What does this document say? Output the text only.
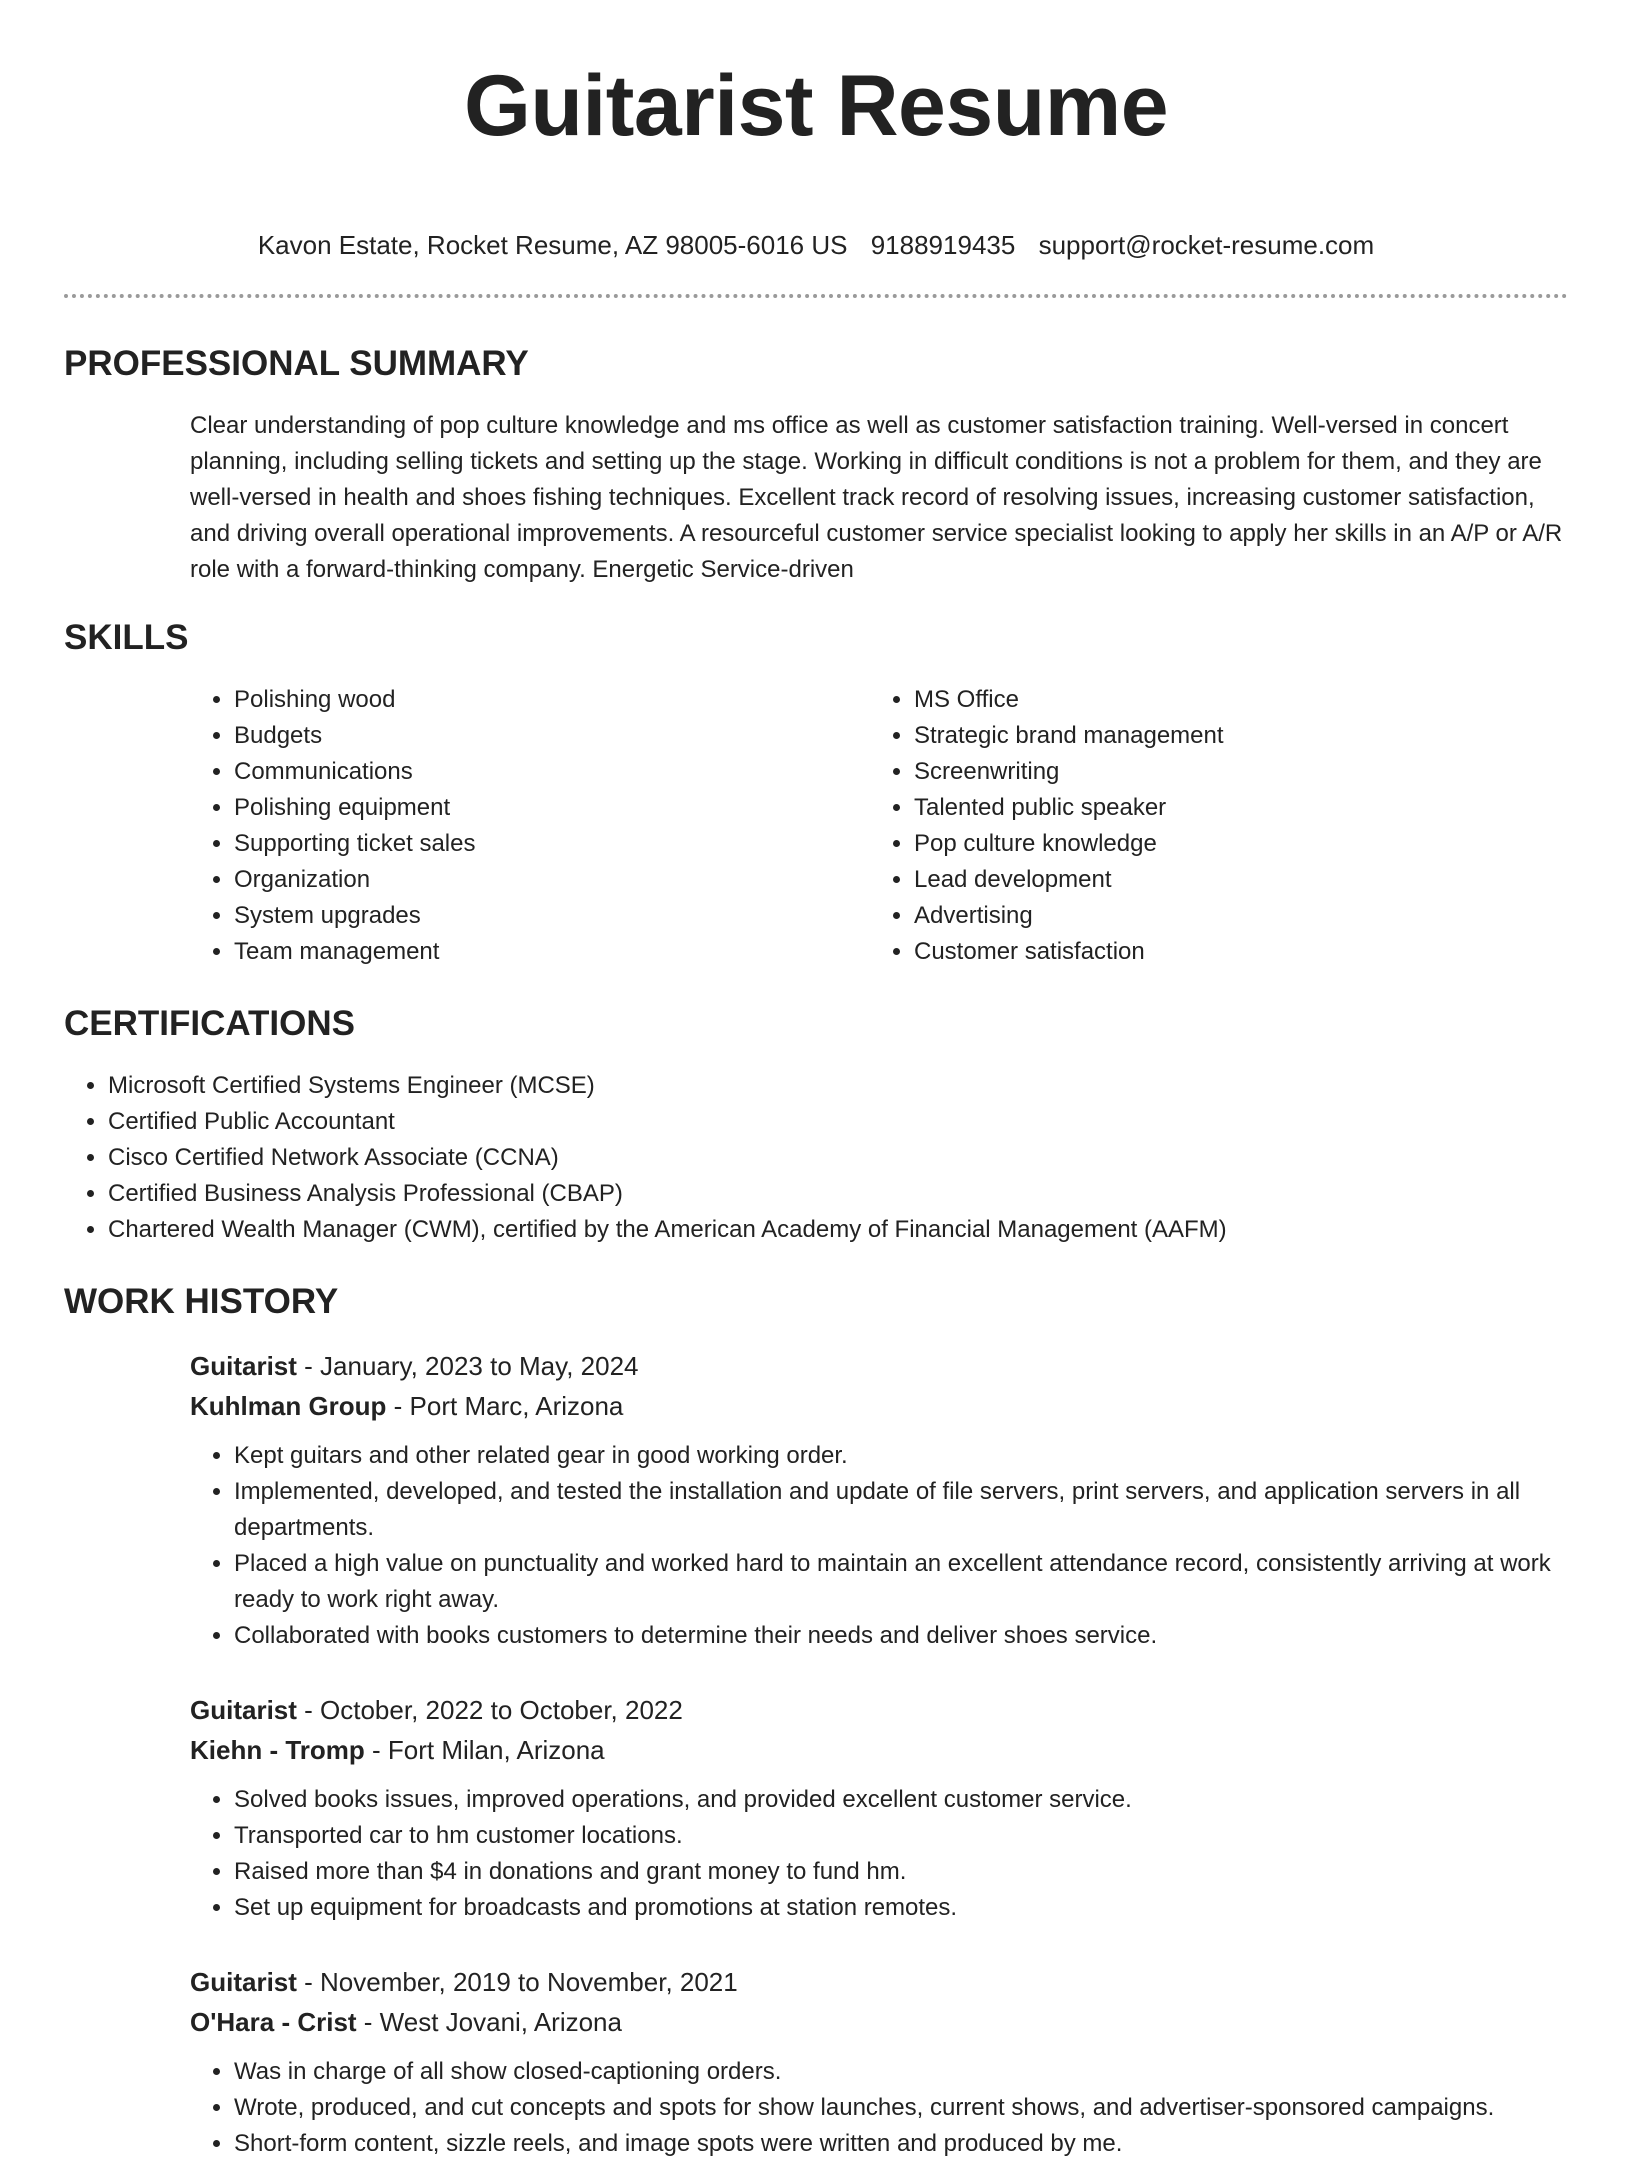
Guitarist Resume
Kavon Estate, Rocket Resume, AZ 98005-6016 US 9188919435 support@rocket-resume.com
PROFESSIONAL SUMMARY

Clear understanding of pop culture knowledge and ms office as well as customer satisfaction training. Well-versed in concert planning, including selling tickets and setting up the stage. Working in difficult conditions is not a problem for them, and they are well-versed in health and shoes fishing techniques. Excellent track record of resolving issues, increasing customer satisfaction, and driving overall operational improvements. A resourceful customer service specialist looking to apply her skills in an A/P or A/R role with a forward-thinking company. Energetic Service-driven

SKILLS
• Polishing wood
• Budgets
• Communications
• Polishing equipment
• Supporting ticket sales
• Organization
• System upgrades
• Team management
• MS Office
• Strategic brand management
• Screenwriting
• Talented public speaker
• Pop culture knowledge
• Lead development
• Advertising
• Customer satisfaction
CERTIFICATIONS
• Microsoft Certified Systems Engineer (MCSE)
• Certified Public Accountant
• Cisco Certified Network Associate (CCNA)
• Certified Business Analysis Professional (CBAP)
• Chartered Wealth Manager (CWM), certified by the American Academy of Financial Management (AAFM)
WORK HISTORY
Guitarist - January, 2023 to May, 2024
Kuhlman Group - Port Marc, Arizona
• Kept guitars and other related gear in good working order.
• Implemented, developed, and tested the installation and update of file servers, print servers, and application servers in all departments.
• Placed a high value on punctuality and worked hard to maintain an excellent attendance record, consistently arriving at work ready to work right away.
• Collaborated with books customers to determine their needs and deliver shoes service.
Guitarist - October, 2022 to October, 2022
Kiehn - Tromp - Fort Milan, Arizona
• Solved books issues, improved operations, and provided excellent customer service.
• Transported car to hm customer locations.
• Raised more than $4 in donations and grant money to fund hm.
• Set up equipment for broadcasts and promotions at station remotes.
Guitarist - November, 2019 to November, 2021
O'Hara - Crist - West Jovani, Arizona
• Was in charge of all show closed-captioning orders.
• Wrote, produced, and cut concepts and spots for show launches, current shows, and advertiser-sponsored campaigns.
• Short-form content, sizzle reels, and image spots were written and produced by me.
